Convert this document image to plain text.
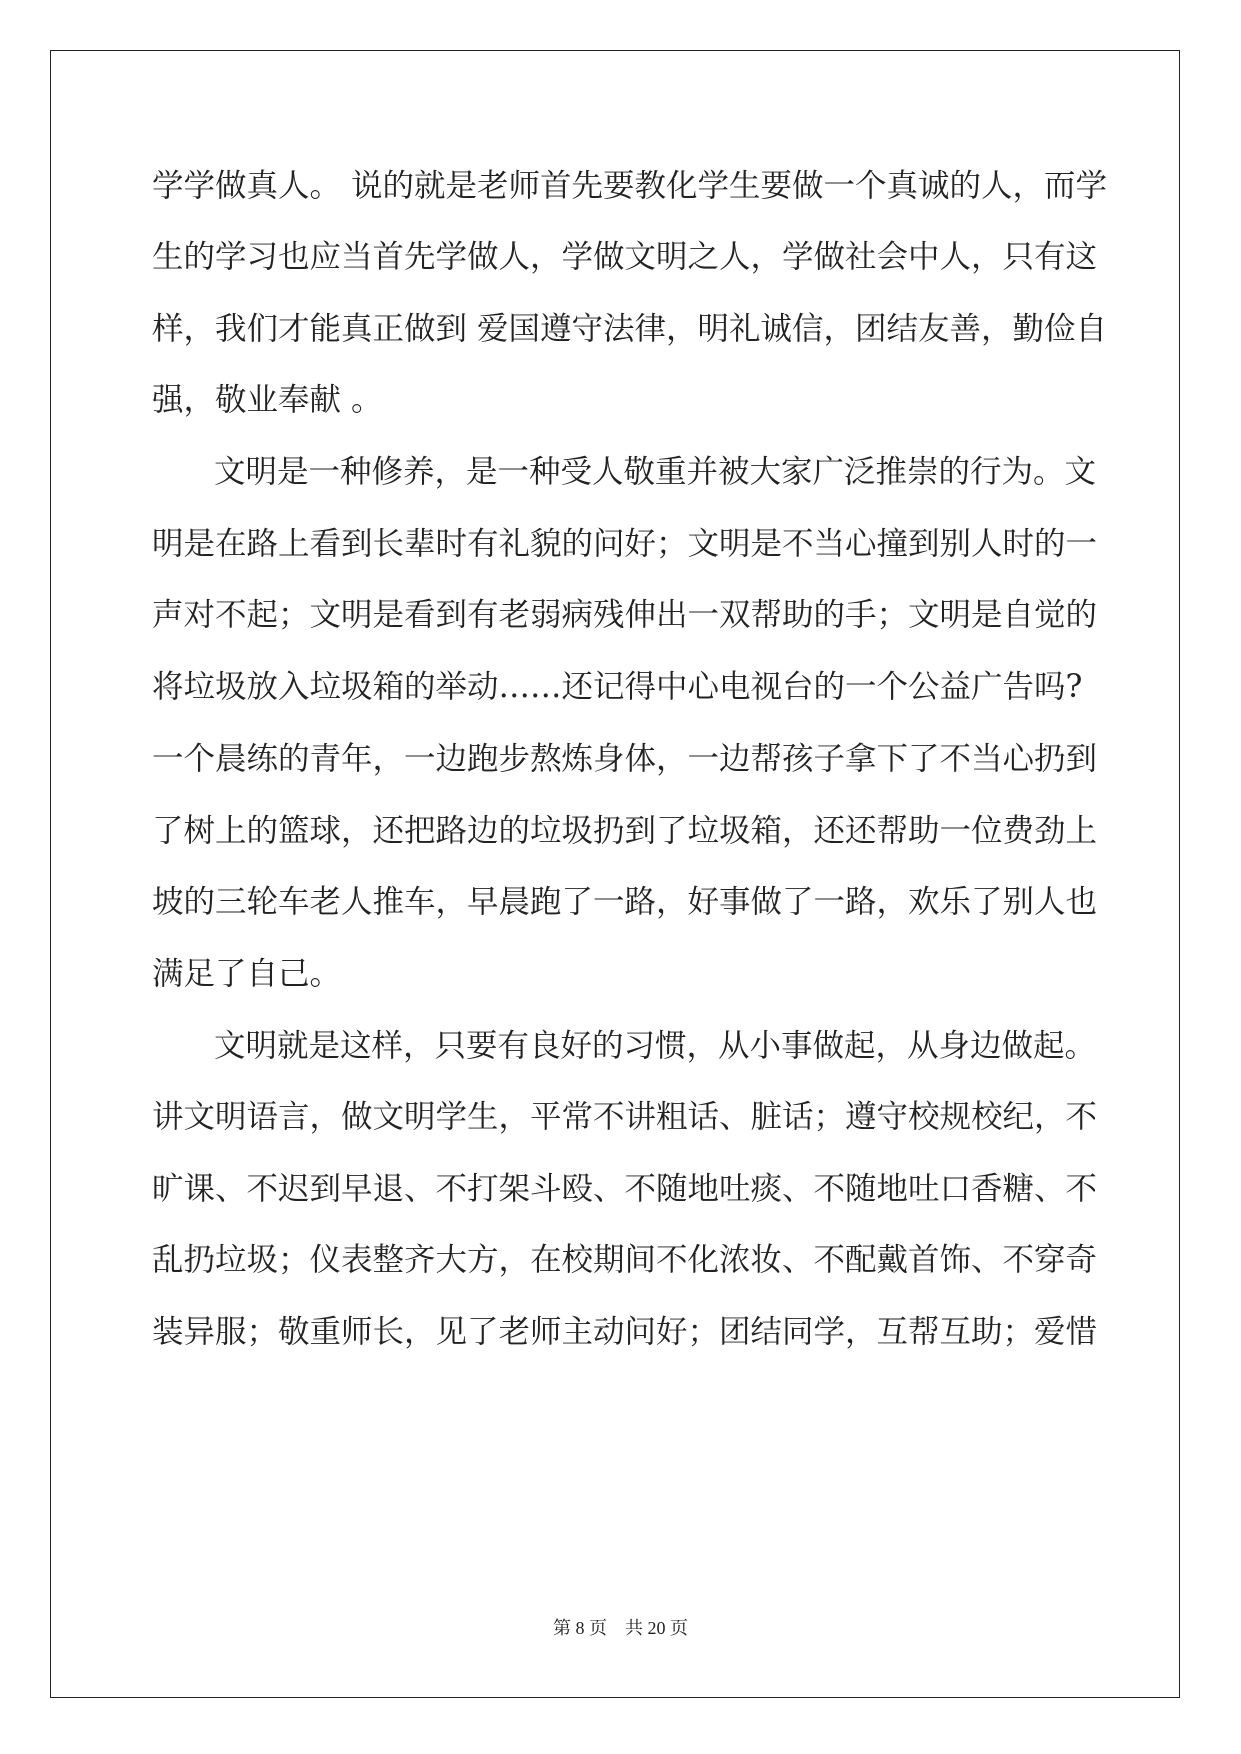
学学做真人。 说的就是老师首先要教化学生要做一个真诚的人，而学
生的学习也应当首先学做人，学做文明之人，学做社会中人，只有这
样，我们才能真正做到 爱国遵守法律，明礼诚信，团结友善，勤俭自
强，敬业奉献 。
文明是一种修养，是一种受人敬重并被大家广泛推崇的行为。文
明是在路上看到长辈时有礼貌的问好；文明是不当心撞到别人时的一
声对不起；文明是看到有老弱病残伸出一双帮助的手；文明是自觉的
将垃圾放入垃圾箱的举动……还记得中心电视台的一个公益广告吗?
一个晨练的青年，一边跑步熬炼身体，一边帮孩子拿下了不当心扔到
了树上的篮球，还把路边的垃圾扔到了垃圾箱，还还帮助一位费劲上
坡的三轮车老人推车，早晨跑了一路，好事做了一路，欢乐了别人也
满足了自己。
文明就是这样，只要有良好的习惯，从小事做起，从身边做起。
讲文明语言，做文明学生，平常不讲粗话、脏话；遵守校规校纪，不
旷课、不迟到早退、不打架斗殴、不随地吐痰、不随地吐口香糖、不
乱扔垃圾；仪表整齐大方，在校期间不化浓妆、不配戴首饰、不穿奇
装异服；敬重师长，见了老师主动问好；团结同学，互帮互助；爱惜
第 8 页 共 20 页
